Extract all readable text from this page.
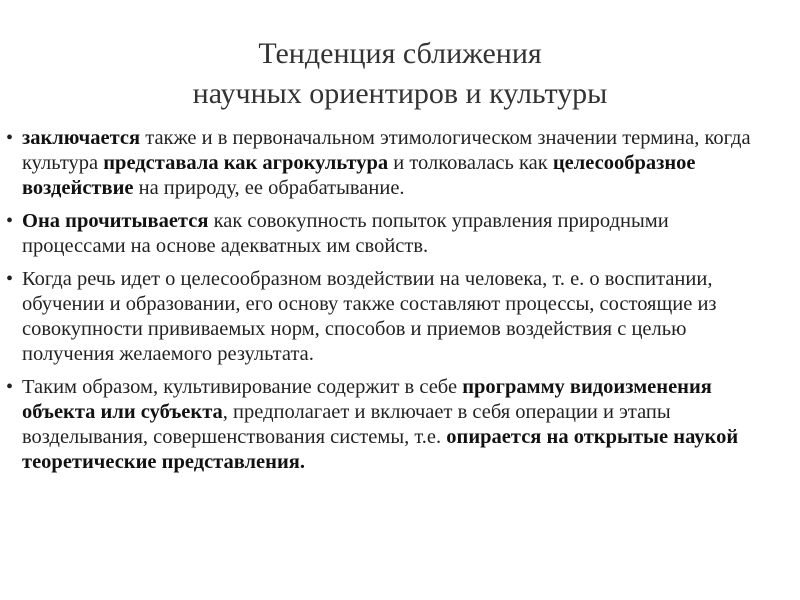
Тенденция сближения
научных ориентиров и культуры
• заключается также и в первоначальном этимологическом значении термина, когда культура представала как агрокультура и толковалась как целесообразное воздействие на природу, ее обрабатывание.
• Она прочитывается как совокупность попыток управления природными процессами на основе адекватных им свойств.
• Когда речь идет о целесообразном воздействии на человека, т. е. о воспитании, обучении и образовании, его основу также составляют процессы, состоящие из совокупности прививаемых норм, способов и приемов воздействия с целью получения желаемого результата.
• Таким образом, культивирование содержит в себе программу видоизменения объекта или субъекта, предполагает и включает в себя операции и этапы возделывания, совершенствования системы, т.е. опирается на открытые наукой теоретические представления.
